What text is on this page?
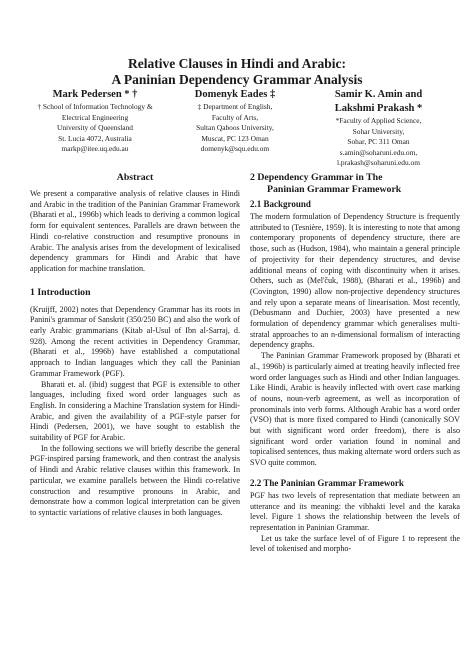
Relative Clauses in Hindi and Arabic:
A Paninian Dependency Grammar Analysis
Mark Pedersen * †
† School of Information Technology &
Electrical Engineering
University of Queensland
St. Lucia 4072, Australia
markp@itee.uq.edu.au
Domenyk Eades ‡
‡ Department of English,
Faculty of Arts,
Sultan Qaboos University,
Muscat, PC 123 Oman
domenyk@squ.edu.om
Samir K. Amin and
Lakshmi Prakash *
*Faculty of Applied Science,
Sohar University,
Sohar, PC 311 Oman
s.amin@soharuni.edu.om,
l.prakash@soharuni.edu.om
Abstract

We present a comparative analysis of relative clauses in Hindi and Arabic in the tradition of the Paninian Grammar Framework (Bharati et al., 1996b) which leads to deriving a common logical form for equivalent sentences. Parallels are drawn between the Hindi co-relative construction and resumptive pronouns in Arabic. The analysis arises from the development of lexicalised dependency grammars for Hindi and Arabic that have application for machine translation.

1 Introduction

(Kruijff, 2002) notes that Dependency Grammar has its roots in Panini's grammar of Sanskrit (350/250 BC) and also the work of early Arabic grammarians (Kitab al-Usul of Ibn al-Sarraj, d. 928). Among the recent activities in Dependency Grammar, (Bharati et al., 1996b) have established a computational approach to Indian languages which they call the Paninian Grammar Framework (PGF).

Bharati et. al. (ibid) suggest that PGF is extensible to other languages, including fixed word order languages such as English. In considering a Machine Translation system for Hindi-Arabic, and given the availability of a PGF-style parser for Hindi (Pedersen, 2001), we have sought to establish the suitability of PGF for Arabic.

In the following sections we will briefly describe the general PGF-inspired parsing framework, and then contrast the analysis of Hindi and Arabic relative clauses within this framework. In particular, we examine parallels between the Hindi co-relative construction and resumptive pronouns in Arabic, and demonstrate how a common logical interpretation can be given to syntactic variations of relative clauses in both languages.

2 Dependency Grammar in The
Paninian Grammar Framework
2.1 Background

The modern formulation of Dependency Structure is frequently attributed to (Tesnière, 1959). It is interesting to note that among contemporary proponents of dependency structure, there are those, such as (Hudson, 1984), who maintain a general principle of projectivity for their dependency structures, and devise additional means of coping with discontinuity when it arises. Others, such as (Mel'čuk, 1988), (Bharati et al., 1996b) and (Covington, 1990) allow non-projective dependency structures and rely upon a separate means of linearisation. Most recently, (Debusmann and Duchier, 2003) have presented a new formulation of dependency grammar which generalises multi-stratal approaches to an n-dimensional formalism of interacting dependency graphs.

The Paninian Grammar Framework proposed by (Bharati et al., 1996b) is particularly aimed at treating heavily inflected free word order languages such as Hindi and other Indian languages. Like Hindi, Arabic is heavily inflected with overt case marking of nouns, noun-verb agreement, as well as incorporation of pronominals into verb forms. Although Arabic has a word order (VSO) that is more fixed compared to Hindi (canonically SOV but with significant word order freedom), there is also significant word order variation found in nominal and topicalised sentences, thus making alternate word orders such as SVO quite common.

2.2 The Paninian Grammar Framework

PGF has two levels of representation that mediate between an utterance and its meaning: the vibhakti level and the karaka level. Figure 1 shows the relationship between the levels of representation in Paninian Grammar.

Let us take the surface level of of Figure 1 to represent the level of tokenised and morpho-
